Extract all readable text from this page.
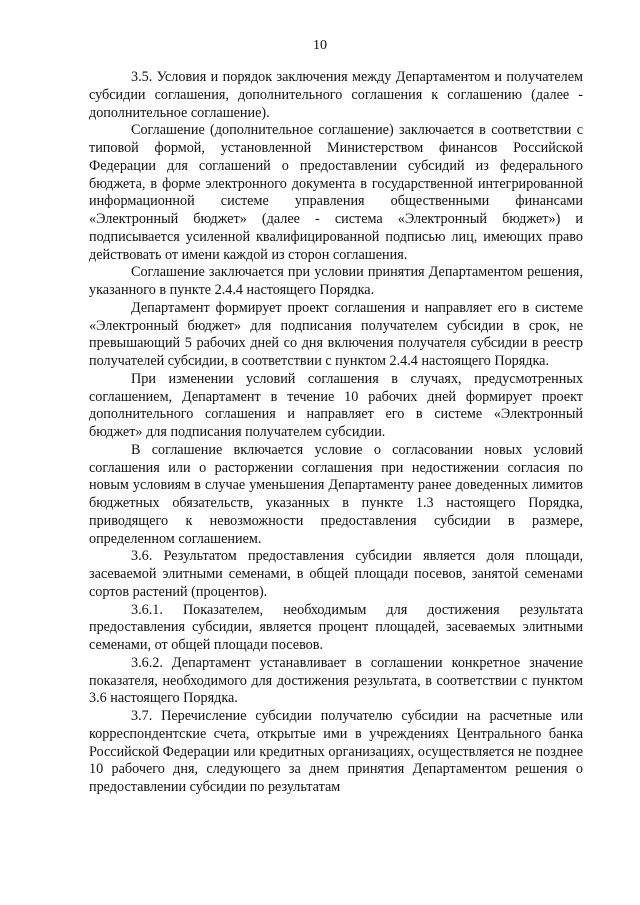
10

3.5. Условия и порядок заключения между Департаментом и получателем субсидии соглашения, дополнительного соглашения к соглашению (далее - дополнительное соглашение).

Соглашение (дополнительное соглашение) заключается в соответствии с типовой формой, установленной Министерством финансов Российской Федерации для соглашений о предоставлении субсидий из федерального бюджета, в форме электронного документа в государственной интегрированной информационной системе управления общественными финансами «Электронный бюджет» (далее - система «Электронный бюджет») и подписывается усиленной квалифицированной подписью лиц, имеющих право действовать от имени каждой из сторон соглашения.

Соглашение заключается при условии принятия Департаментом решения, указанного в пункте 2.4.4 настоящего Порядка.

Департамент формирует проект соглашения и направляет его в системе «Электронный бюджет» для подписания получателем субсидии в срок, не превышающий 5 рабочих дней со дня включения получателя субсидии в реестр получателей субсидии, в соответствии с пунктом 2.4.4 настоящего Порядка.

При изменении условий соглашения в случаях, предусмотренных соглашением, Департамент в течение 10 рабочих дней формирует проект дополнительного соглашения и направляет его в системе «Электронный бюджет» для подписания получателем субсидии.

В соглашение включается условие о согласовании новых условий соглашения или о расторжении соглашения при недостижении согласия по новым условиям в случае уменьшения Департаменту ранее доведенных лимитов бюджетных обязательств, указанных в пункте 1.3 настоящего Порядка, приводящего к невозможности предоставления субсидии в размере, определенном соглашением.

3.6. Результатом предоставления субсидии является доля площади, засеваемой элитными семенами, в общей площади посевов, занятой семенами сортов растений (процентов).

3.6.1. Показателем, необходимым для достижения результата предоставления субсидии, является процент площадей, засеваемых элитными семенами, от общей площади посевов.

3.6.2. Департамент устанавливает в соглашении конкретное значение показателя, необходимого для достижения результата, в соответствии с пунктом 3.6 настоящего Порядка.

3.7. Перечисление субсидии получателю субсидии на расчетные или корреспондентские счета, открытые ими в учреждениях Центрального банка Российской Федерации или кредитных организациях, осуществляется не позднее 10 рабочего дня, следующего за днем принятия Департаментом решения о предоставлении субсидии по результатам
